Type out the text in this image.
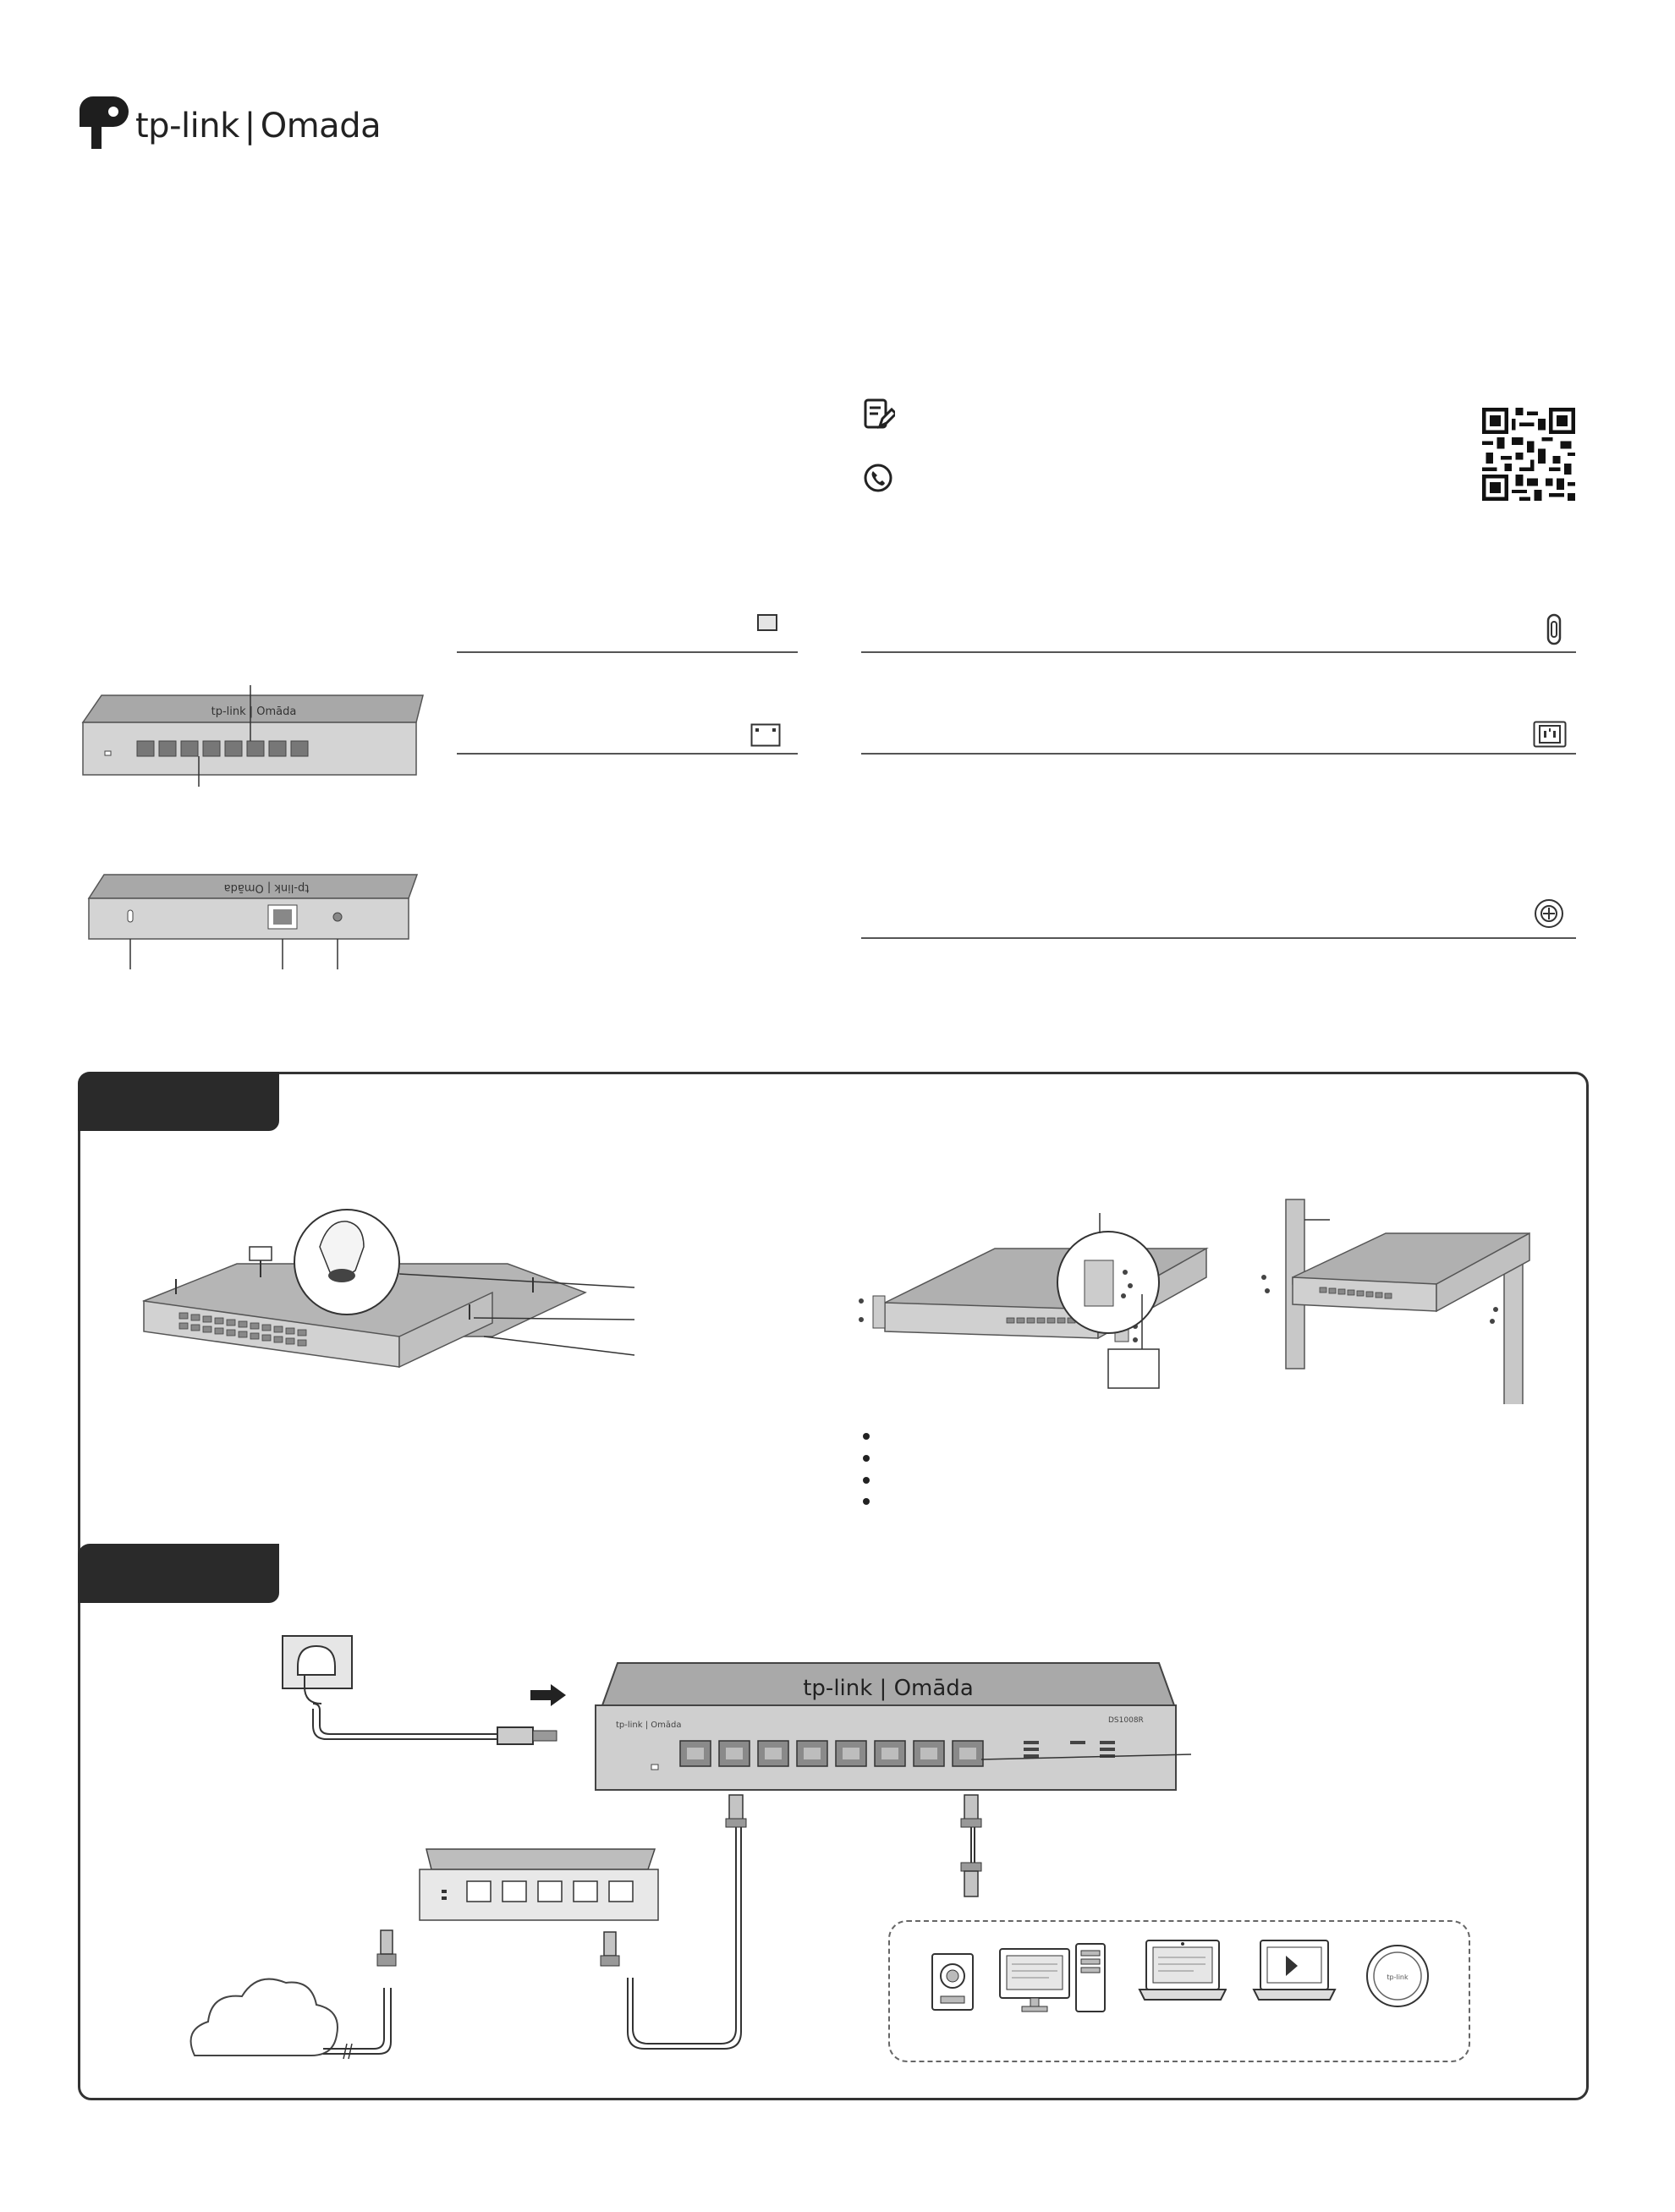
tp-link | Omada
tp-link | Omāda
tp-link | Omāda
tp-link | Omāda
tp-link | Omāda	DS1008R
tp-link
